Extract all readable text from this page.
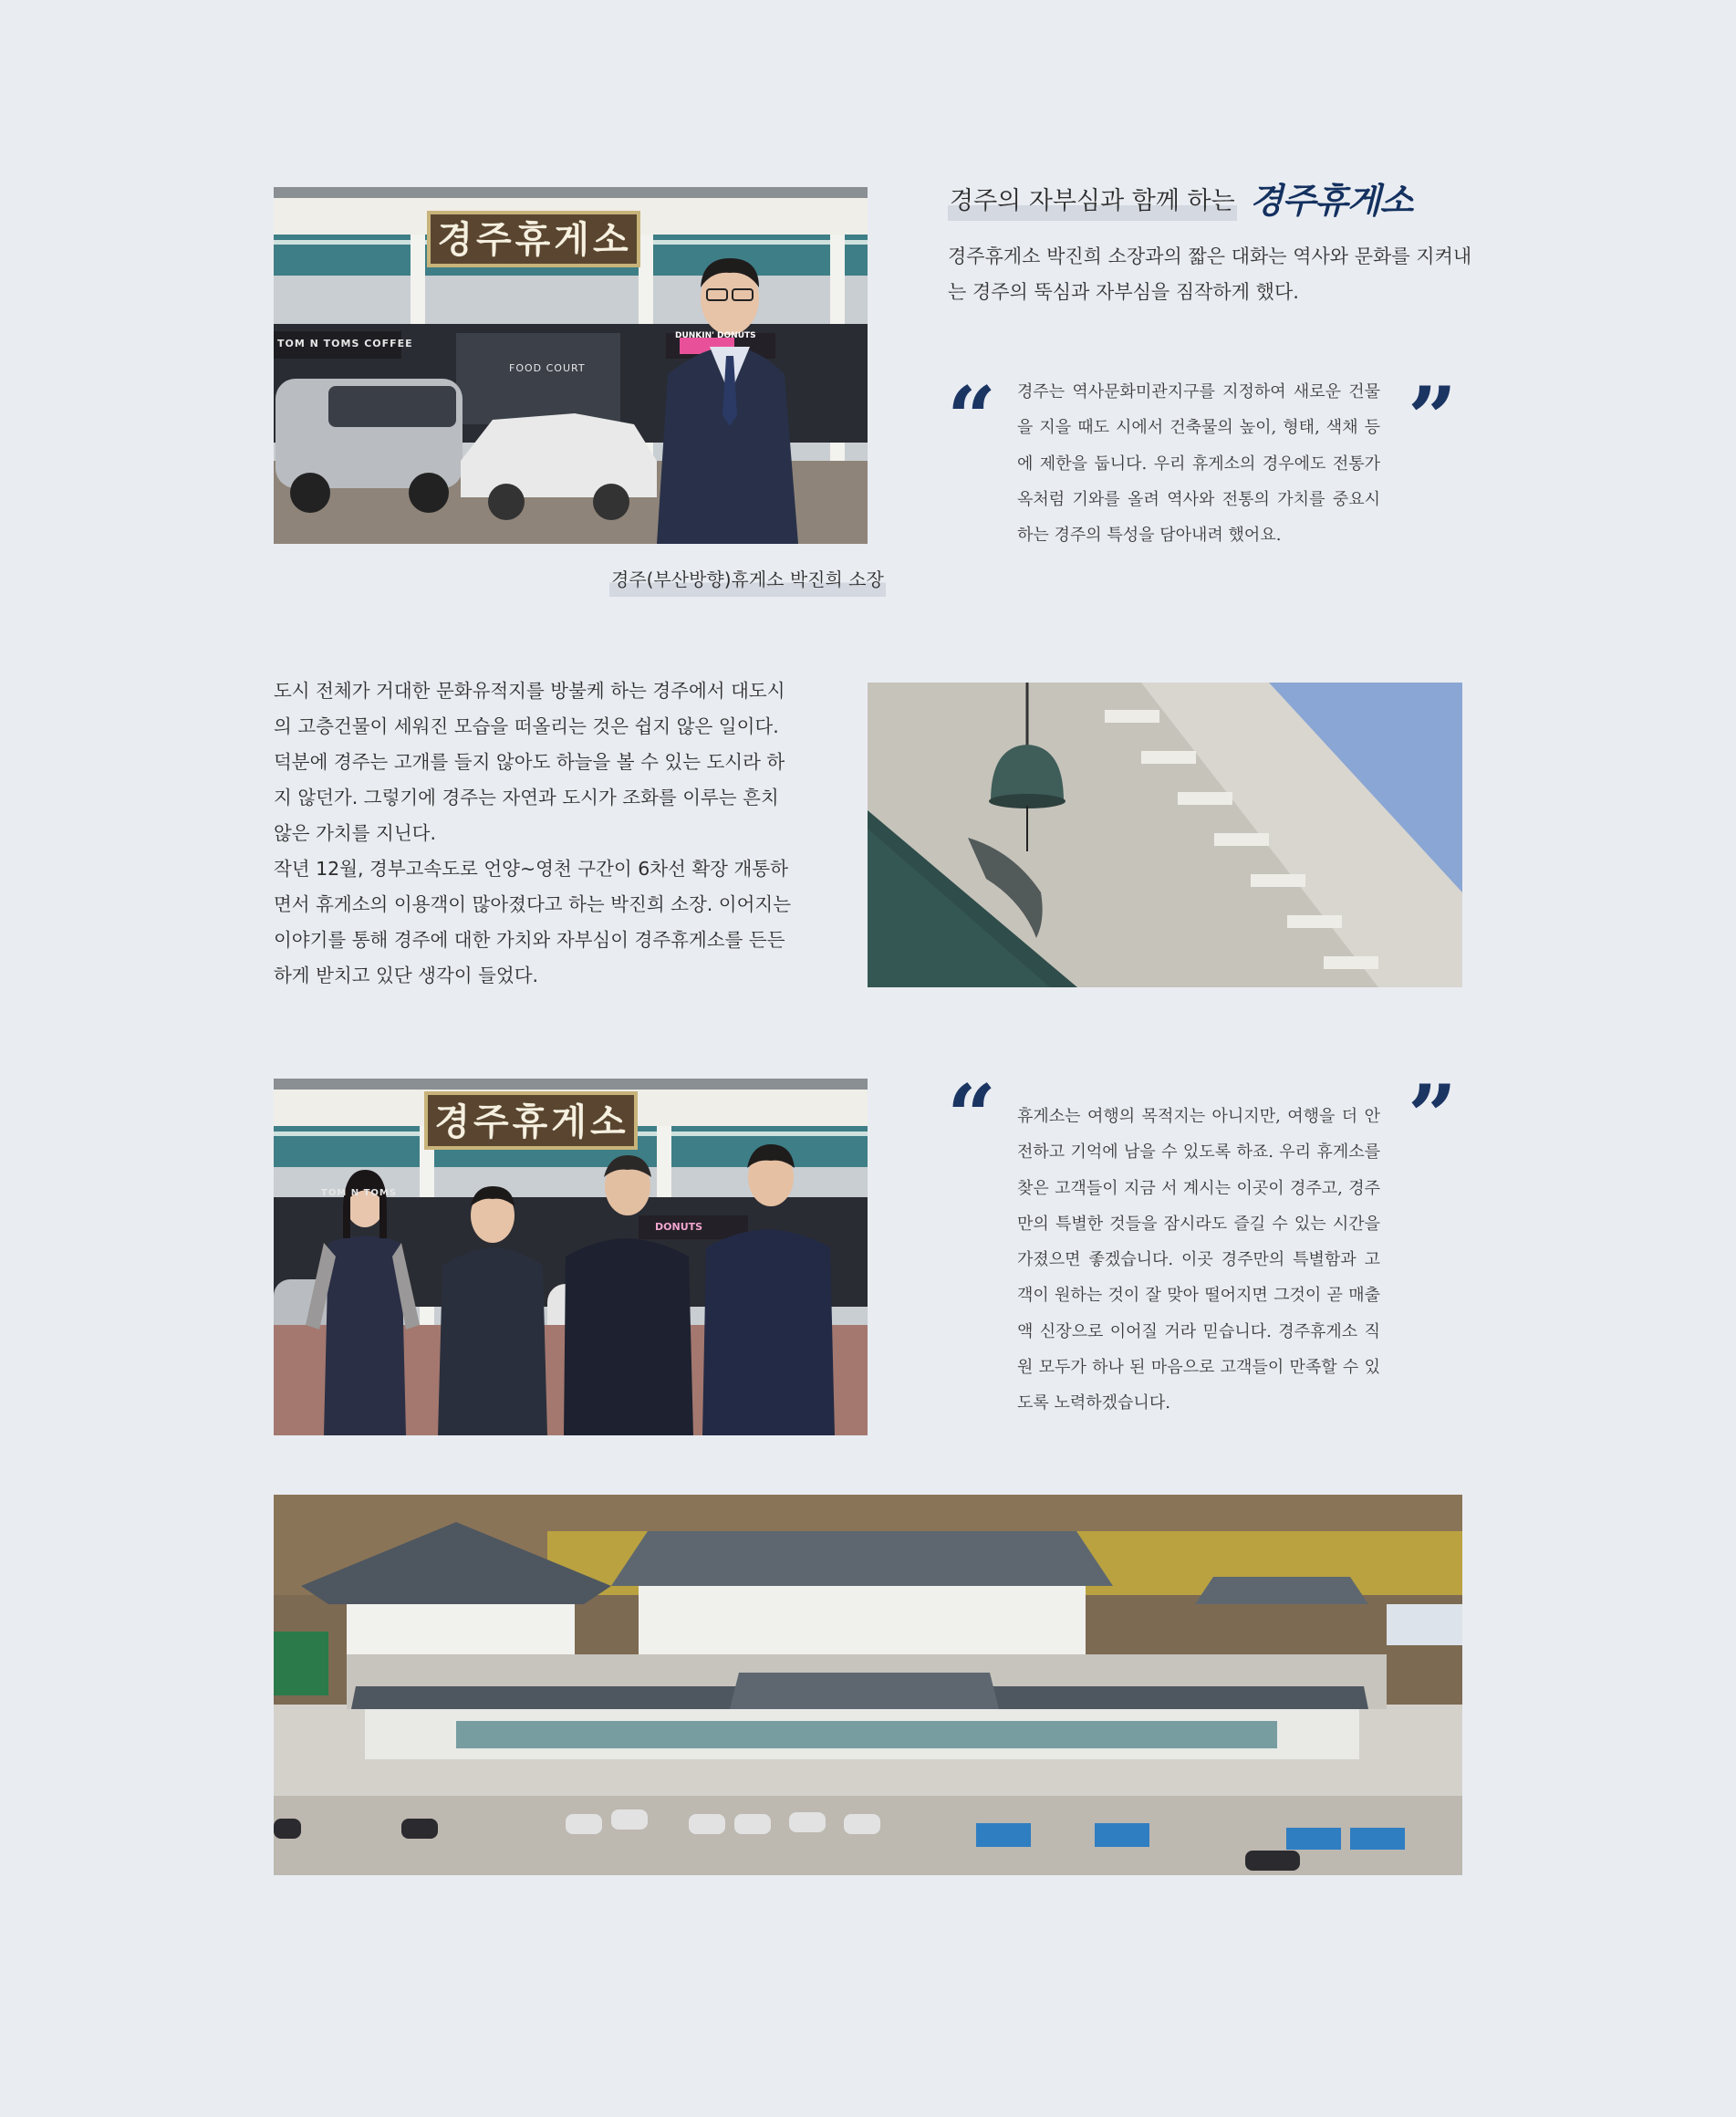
경주휴게소
TOM N TOMS COFFEE
FOOD COURT
DUNKIN' DONUTS
경주(부산방향)휴게소 박진희 소장
경주의 자부심과 함께 하는 경주휴게소
경주휴게소 박진희 소장과의 짧은 대화는 역사와 문화를 지켜내는 경주의 뚝심과 자부심을 짐작하게 했다.
“ 경주는 역사문화미관지구를 지정하여 새로운 건물을 지을 때도 시에서 건축물의 높이, 형태, 색채 등에 제한을 둡니다. 우리 휴게소의 경우에도 전통가옥처럼 기와를 올려 역사와 전통의 가치를 중요시하는 경주의 특성을 담아내려 했어요.
”
도시 전체가 거대한 문화유적지를 방불케 하는 경주에서 대도시의 고층건물이 세워진 모습을 떠올리는 것은 쉽지 않은 일이다. 덕분에 경주는 고개를 들지 않아도 하늘을 볼 수 있는 도시라 하지 않던가. 그렇기에 경주는 자연과 도시가 조화를 이루는 흔치 않은 가치를 지닌다.
작년 12월, 경부고속도로 언양~영천 구간이 6차선 확장 개통하면서 휴게소의 이용객이 많아졌다고 하는 박진희 소장. 이어지는 이야기를 통해 경주에 대한 가치와 자부심이 경주휴게소를 든든하게 받치고 있단 생각이 들었다.
경주휴게소
TOM N TOMS
DONUTS
“ 휴게소는 여행의 목적지는 아니지만, 여행을 더 안전하고 기억에 남을 수 있도록 하죠. 우리 휴게소를 찾은 고객들이 지금 서 계시는 이곳이 경주고, 경주만의 특별한 것들을 잠시라도 즐길 수 있는 시간을 가졌으면 좋겠습니다. 이곳 경주만의 특별함과 고객이 원하는 것이 잘 맞아 떨어지면 그것이 곧 매출액 신장으로 이어질 거라 믿습니다. 경주휴게소 직원 모두가 하나 된 마음으로 고객들이 만족할 수 있도록 노력하겠습니다.
”
